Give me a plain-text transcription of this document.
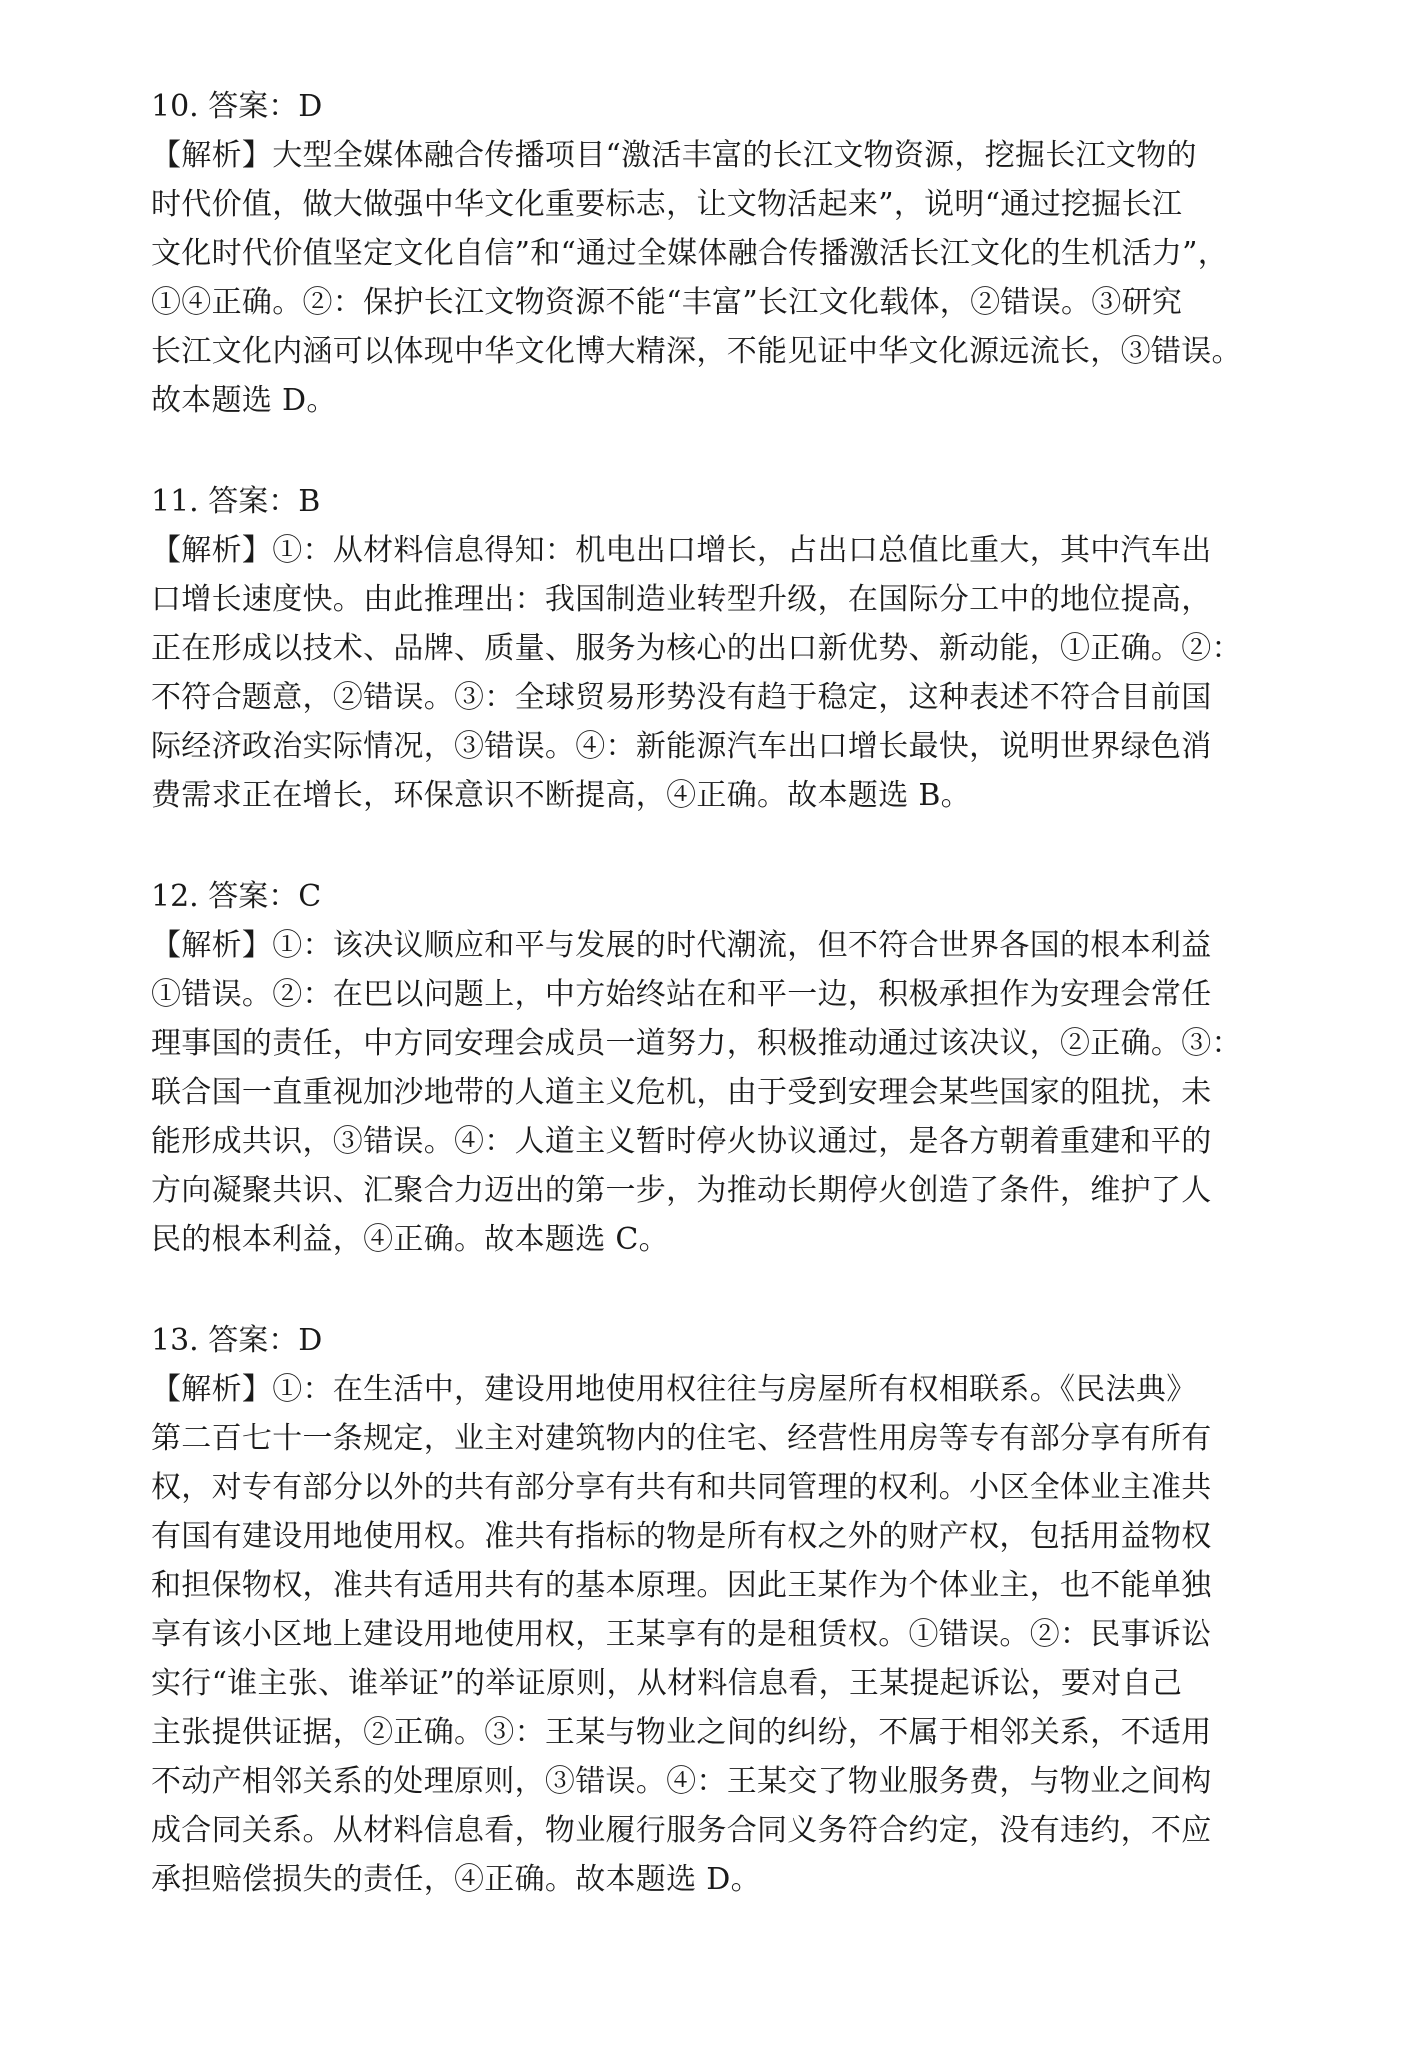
10. 答案：D

【解析】大型全媒体融合传播项目“激活丰富的长江文物资源，挖掘长江文物的
时代价值，做大做强中华文化重要标志，让文物活起来”，说明“通过挖掘长江
文化时代价值坚定文化自信”和“通过全媒体融合传播激活长江文化的生机活力”，
①④正确。②：保护长江文物资源不能“丰富”长江文化载体，②错误。③研究
长江文化内涵可以体现中华文化博大精深，不能见证中华文化源远流长，③错误。
故本题选 D。

11. 答案：B

【解析】①：从材料信息得知：机电出口增长，占出口总值比重大，其中汽车出
口增长速度快。由此推理出：我国制造业转型升级，在国际分工中的地位提高，
正在形成以技术、品牌、质量、服务为核心的出口新优势、新动能，①正确。②：
不符合题意，②错误。③：全球贸易形势没有趋于稳定，这种表述不符合目前国
际经济政治实际情况，③错误。④：新能源汽车出口增长最快，说明世界绿色消
费需求正在增长，环保意识不断提高，④正确。故本题选 B。

12. 答案：C

【解析】①：该决议顺应和平与发展的时代潮流，但不符合世界各国的根本利益
①错误。②：在巴以问题上，中方始终站在和平一边，积极承担作为安理会常任
理事国的责任，中方同安理会成员一道努力，积极推动通过该决议，②正确。③：
联合国一直重视加沙地带的人道主义危机，由于受到安理会某些国家的阻扰，未
能形成共识，③错误。④：人道主义暂时停火协议通过，是各方朝着重建和平的
方向凝聚共识、汇聚合力迈出的第一步，为推动长期停火创造了条件，维护了人
民的根本利益，④正确。故本题选 C。

13. 答案：D

【解析】①：在生活中，建设用地使用权往往与房屋所有权相联系。《民法典》
第二百七十一条规定，业主对建筑物内的住宅、经营性用房等专有部分享有所有
权，对专有部分以外的共有部分享有共有和共同管理的权利。小区全体业主准共
有国有建设用地使用权。准共有指标的物是所有权之外的财产权，包括用益物权
和担保物权，准共有适用共有的基本原理。因此王某作为个体业主，也不能单独
享有该小区地上建设用地使用权，王某享有的是租赁权。①错误。②：民事诉讼
实行“谁主张、谁举证”的举证原则，从材料信息看，王某提起诉讼，要对自己
主张提供证据，②正确。③：王某与物业之间的纠纷，不属于相邻关系，不适用
不动产相邻关系的处理原则，③错误。④：王某交了物业服务费，与物业之间构
成合同关系。从材料信息看，物业履行服务合同义务符合约定，没有违约，不应
承担赔偿损失的责任，④正确。故本题选 D。
